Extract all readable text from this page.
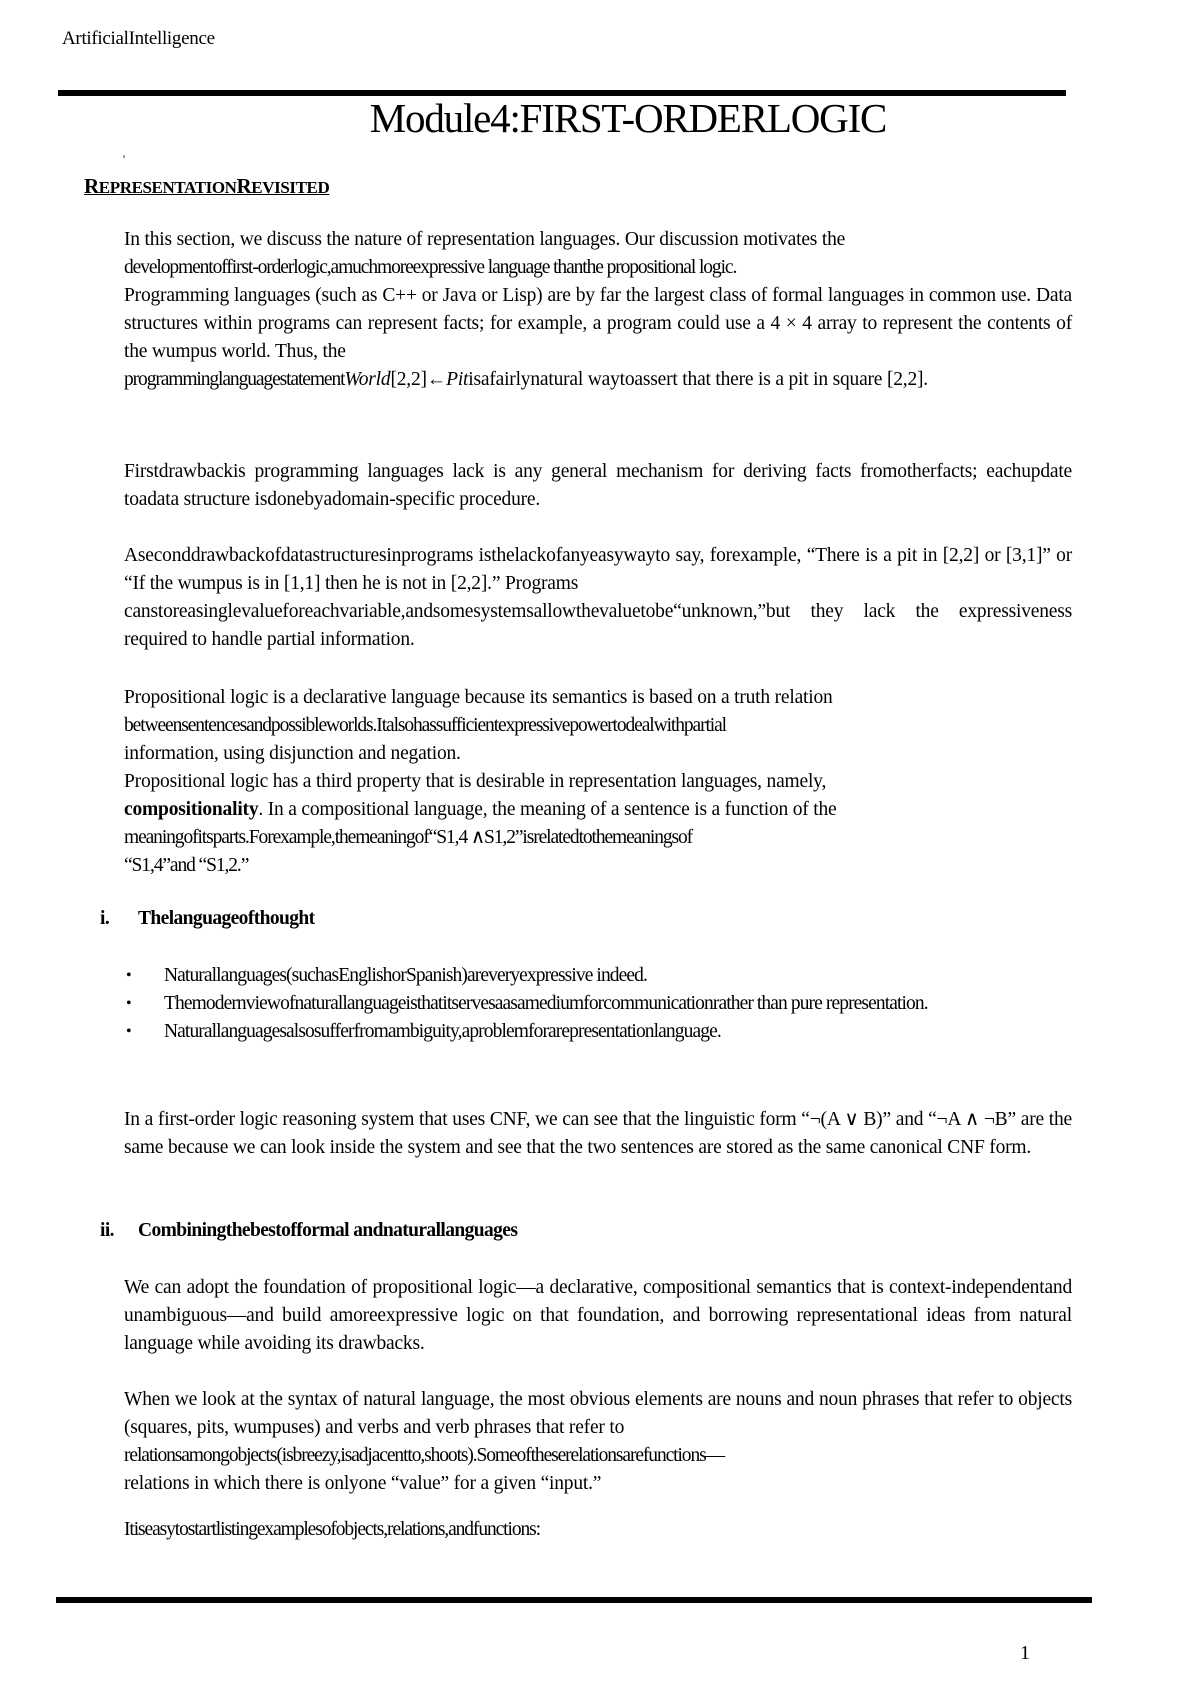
ArtificialIntelligence
Module4:FIRST-ORDERLOGIC
'
REPRESENTATIONREVISITED

In this section, we discuss the nature of representation languages. Our discussion motivates the

developmentoffirst-orderlogic,amuchmoreexpressive language thanthe propositional logic.

Programming languages (such as C++ or Java or Lisp) are by far the largest class of formal languages in common use. Data structures within programs can represent facts; for example, a program could use a 4 × 4 array to represent the contents of the wumpus world. Thus, the

programminglanguagestatementWorld[2,2]←Pitisafairlynatural waytoassert that there is a pit in square [2,2].

Firstdrawbackis programming languages lack is any general mechanism for deriving facts fromotherfacts; eachupdate toadata structure isdonebyadomain-specific procedure.

Aseconddrawbackofdatastructuresinprograms isthelackofanyeasywayto say, forexample, “There is a pit in [2,2] or [3,1]” or “If the wumpus is in [1,1] then he is not in [2,2].” Programs

canstoreasinglevalueforeachvariable,andsomesystemsallowthevaluetobe“unknown,”but they lack the expressiveness required to handle partial information.

Propositional logic is a declarative language because its semantics is based on a truth relation

betweensentencesandpossibleworlds.Italsohassufficientexpressivepowertodealwithpartial

information, using disjunction and negation.

Propositional logic has a third property that is desirable in representation languages, namely,

compositionality. In a compositional language, the meaning of a sentence is a function of the

meaningofitsparts.Forexample,themeaningof“S1,4 ∧S1,2”isrelatedtothemeaningsof

“S1,4”and “S1,2.”

i. Thelanguageofthought
• Naturallanguages(suchasEnglishorSpanish)areveryexpressive indeed.
• Themodernviewofnaturallanguageisthatitservesaasamediumforcommunicationrather than pure representation.
• Naturallanguagesalsosufferfromambiguity,aproblemforarepresentationlanguage.

In a first-order logic reasoning system that uses CNF, we can see that the linguistic form “¬(A ∨ B)” and “¬A ∧ ¬B” are the same because we can look inside the system and see that the two sentences are stored as the same canonical CNF form.

ii. Combiningthebestofformal andnaturallanguages

We can adopt the foundation of propositional logic—a declarative, compositional semantics that is context-independentand unambiguous—and build amoreexpressive logic on that foundation, and borrowing representational ideas from natural language while avoiding its drawbacks.

When we look at the syntax of natural language, the most obvious elements are nouns and noun phrases that refer to objects (squares, pits, wumpuses) and verbs and verb phrases that refer to

relationsamongobjects(isbreezy,isadjacentto,shoots).Someoftheserelationsarefunctions—

relations in which there is onlyone “value” for a given “input.”

Itiseasytostartlistingexamplesofobjects,relations,andfunctions:

1
